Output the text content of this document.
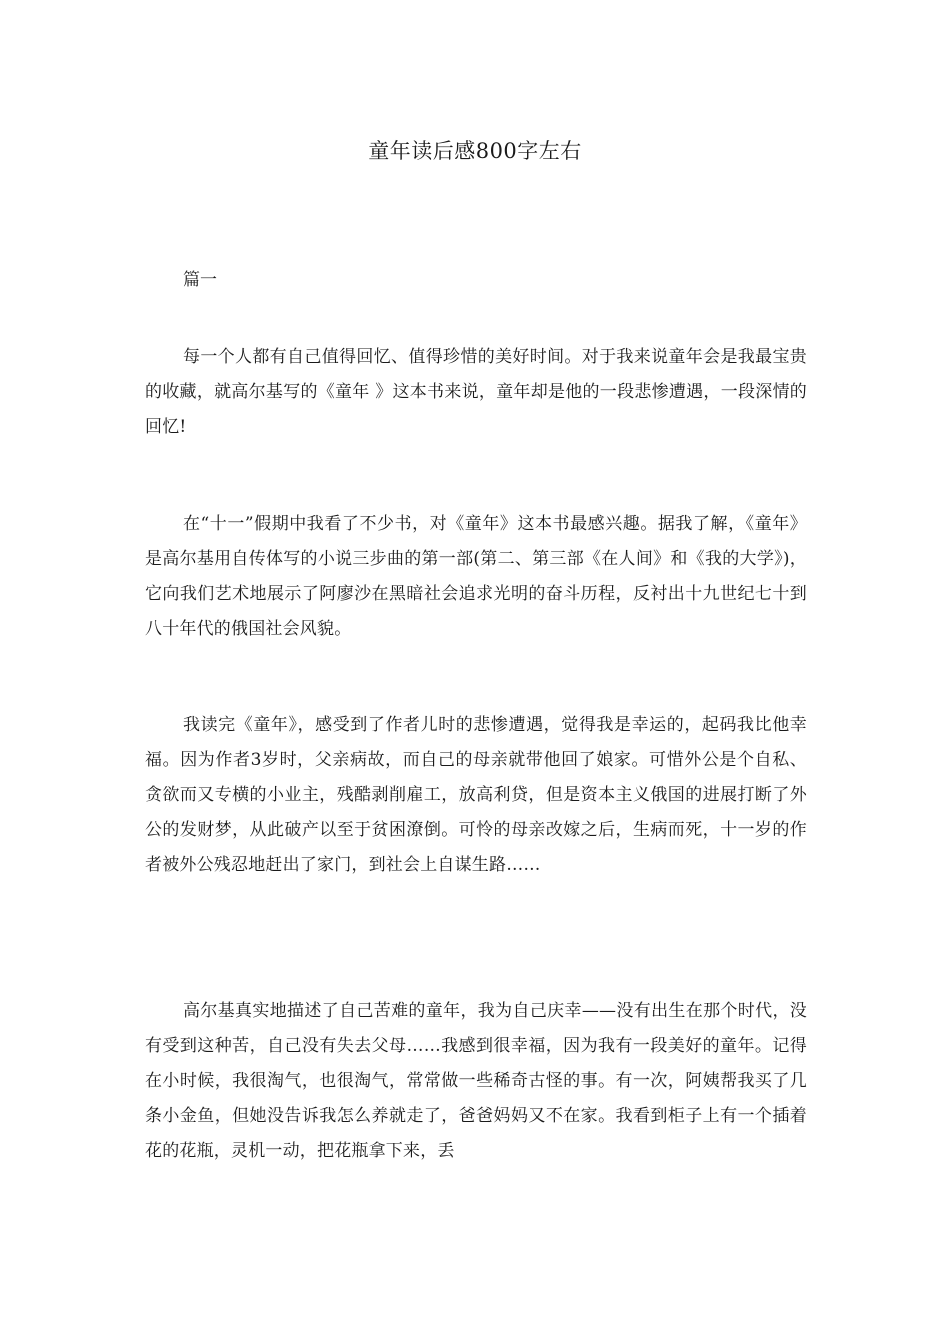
童年读后感800字左右
篇一

每一个人都有自己值得回忆、值得珍惜的美好时间。对于我来说童年会是我最宝贵的收藏，就高尔基写的《童年 》这本书来说，童年却是他的一段悲惨遭遇，一段深情的回忆!

在“十一”假期中我看了不少书，对《童年》这本书最感兴趣。据我了解，《童年》是高尔基用自传体写的小说三步曲的第一部(第二、第三部《在人间》和《我的大学》)，它向我们艺术地展示了阿廖沙在黑暗社会追求光明的奋斗历程，反衬出十九世纪七十到八十年代的俄国社会风貌。

我读完《童年》，感受到了作者儿时的悲惨遭遇，觉得我是幸运的，起码我比他幸福。因为作者3岁时，父亲病故，而自己的母亲就带他回了娘家。可惜外公是个自私、贪欲而又专横的小业主，残酷剥削雇工，放高利贷，但是资本主义俄国的进展打断了外公的发财梦，从此破产以至于贫困潦倒。可怜的母亲改嫁之后，生病而死，十一岁的作者被外公残忍地赶出了家门，到社会上自谋生路……

高尔基真实地描述了自己苦难的童年，我为自己庆幸——没有出生在那个时代，没有受到这种苦，自己没有失去父母……我感到很幸福，因为我有一段美好的童年。记得在小时候，我很淘气，也很淘气，常常做一些稀奇古怪的事。有一次，阿姨帮我买了几条小金鱼，但她没告诉我怎么养就走了，爸爸妈妈又不在家。我看到柜子上有一个插着花的花瓶，灵机一动，把花瓶拿下来，丢
